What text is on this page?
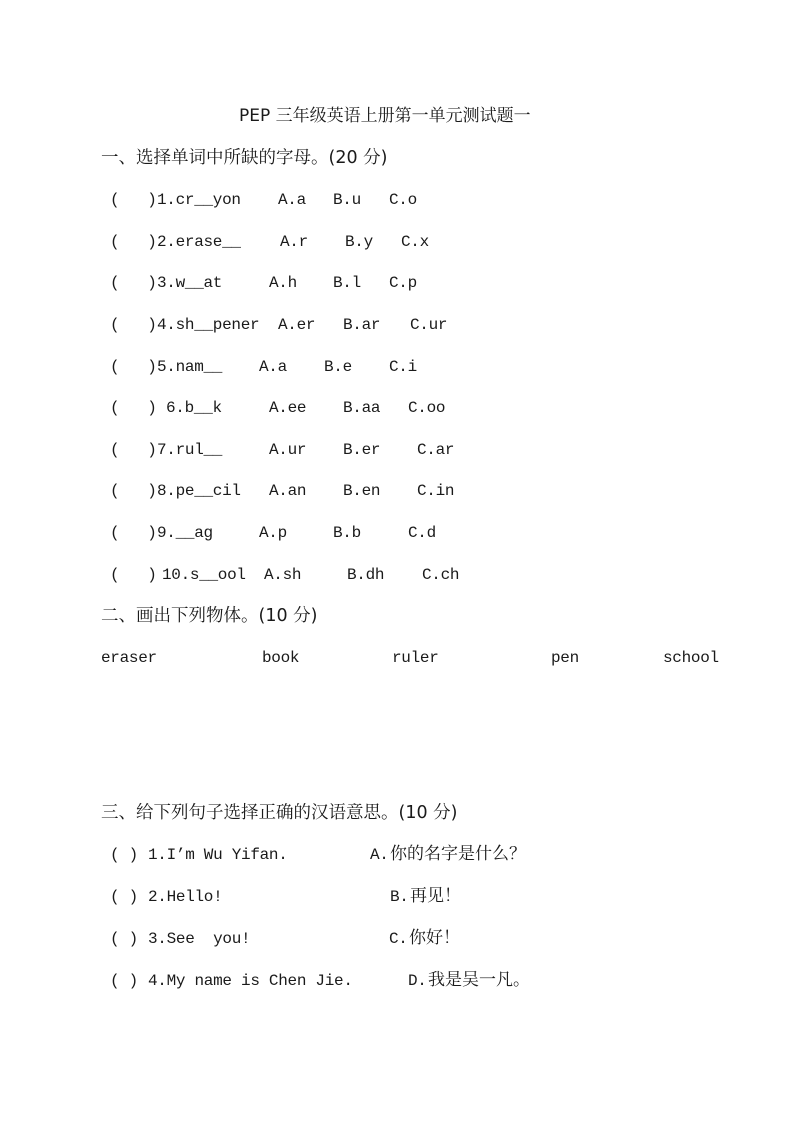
PEP 三年级英语上册第一单元测试题一
一、选择单词中所缺的字母。(20 分)
(   ) 1.cr__yon A.a B.u C.o
(   ) 2.erase__ A.r B.y C.x
(   ) 3.w__at	A.h B.l C.p
(   ) 4.sh__pener A.er B.ar C.ur
(   ) 5.nam__ A.a B.e C.i
(   ) 6.b__k	A.ee B.aa C.oo
(   ) 7.rul__	A.ur B.er C.ar
(   ) 8.pe__cil A.an B.en C.in
(   ) 9.__ag	A.p	B.b	C.d
(   ) 10.s__ool A.sh	B.dh C.ch
二、画出下列物体。(10 分)
eraser	book	ruler	pen	school
三、给下列句子选择正确的汉语意思。(10 分)
( ) 1.I’m Wu Yifan.	A. 你的名字是什么？
( ) 2.Hello!	B. 再见！
( ) 3.See  you!	C. 你好！
( ) 4.My name is Chen Jie.	D. 我是吴一凡。
